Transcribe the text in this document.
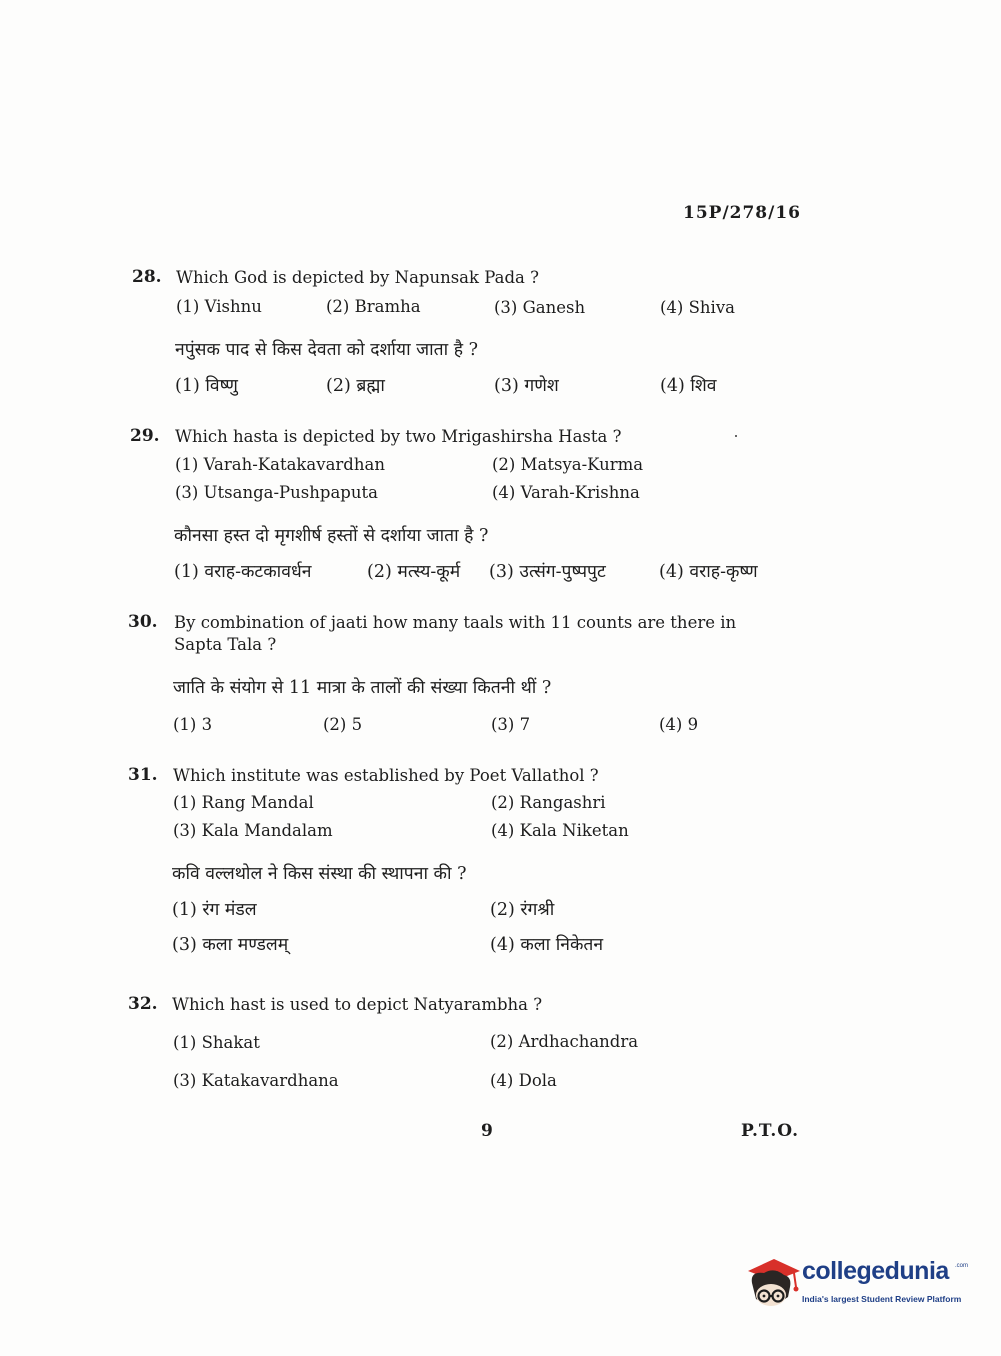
15P/278/16
28. Which God is depicted by Napunsak Pada ?
(1) Vishnu	(2) Bramha	(3) Ganesh	(4) Shiva
नपुंसक पाद से किस देवता को दर्शाया जाता है ?
(1) विष्णु	(2) ब्रह्मा	(3) गणेश	(4) शिव
29. Which hasta is depicted by two Mrigashirsha Hasta ?
(1) Varah-Katakavardhan	(2) Matsya-Kurma
(3) Utsanga-Pushpaputa	(4) Varah-Krishna
कौनसा हस्त दो मृगशीर्ष हस्तों से दर्शाया जाता है ?
(1) वराह-कटकावर्धन	(2) मत्स्य-कूर्म (3) उत्संग-पुष्पपुट	(4) वराह-कृष्ण
30. By combination of jaati how many taals with 11 counts are there in
Sapta Tala ?
जाति के संयोग से 11 मात्रा के तालों की संख्या कितनी थीं ?
(1) 3	(2) 5	(3) 7	(4) 9
31. Which institute was established by Poet Vallathol ?
(1) Rang Mandal	(2) Rangashri
(3) Kala Mandalam	(4) Kala Niketan
कवि वल्लथोल ने किस संस्था की स्थापना की ?
(1) रंग मंडल	(2) रंगश्री
(3) कला मण्डलम्	(4) कला निकेतन
32. Which hast is used to depict Natyarambha ?
(1) Shakat	(2) Ardhachandra
(3) Katakavardhana	(4) Dola
9	P.T.O.
collegedunia .com
India's largest Student Review Platform
